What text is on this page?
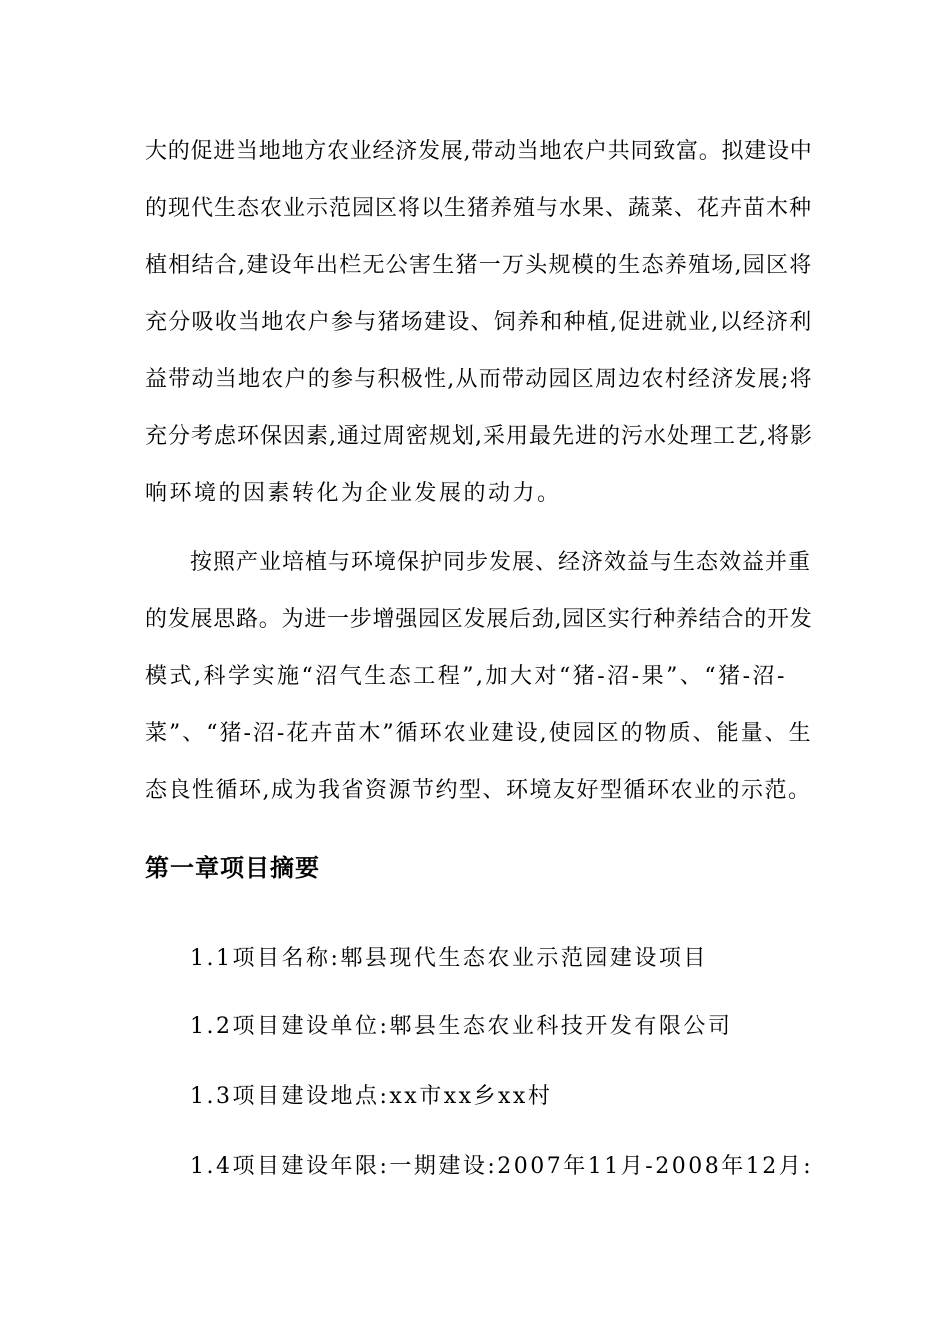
大的促进当地地方农业经济发展,带动当地农户共同致富。拟建设中
的现代生态农业示范园区将以生猪养殖与水果、蔬菜、花卉苗木种
植相结合,建设年出栏无公害生猪一万头规模的生态养殖场,园区将
充分吸收当地农户参与猪场建设、饲养和种植,促进就业,以经济利
益带动当地农户的参与积极性,从而带动园区周边农村经济发展;将
充分考虑环保因素,通过周密规划,采用最先进的污水处理工艺,将影
响环境的因素转化为企业发展的动力。
按照产业培植与环境保护同步发展、经济效益与生态效益并重
的发展思路。为进一步增强园区发展后劲,园区实行种养结合的开发
模式,科学实施“沼气生态工程”,加大对“猪-沼-果”、“猪-沼-
菜”、“猪-沼-花卉苗木”循环农业建设,使园区的物质、能量、生
态良性循环,成为我省资源节约型、环境友好型循环农业的示范。
第一章项目摘要
1.1项目名称:郫县现代生态农业示范园建设项目
1.2项目建设单位:郫县生态农业科技开发有限公司
1.3项目建设地点:xx市xx乡xx村
1.4项目建设年限:一期建设:2007年11月-2008年12月:
